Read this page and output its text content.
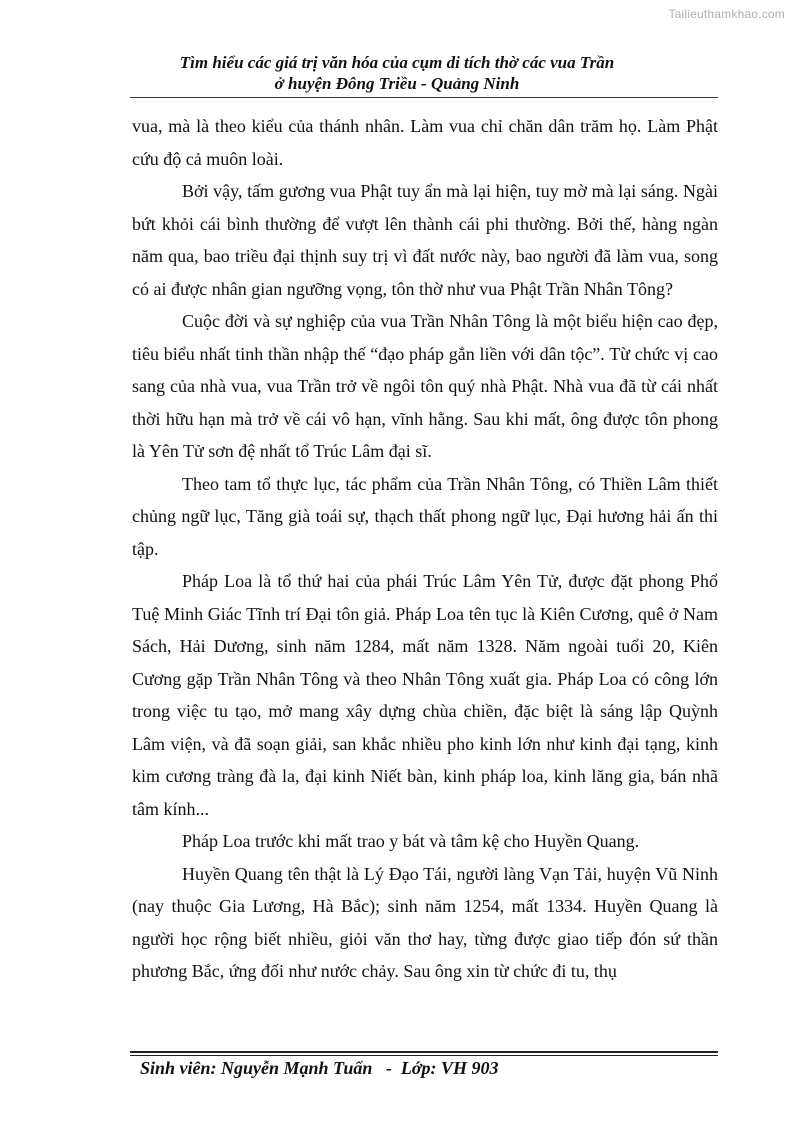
Tailieuthamkhao.com
Tìm hiểu các giá trị văn hóa của cụm di tích thờ các vua Trần
ở huyện Đông Triều - Quảng Ninh

vua, mà là theo kiểu của thánh nhân. Làm vua chỉ chăn dân trăm họ. Làm Phật cứu độ cả muôn loài.

Bởi vậy, tấm gương vua Phật tuy ẩn mà lại hiện, tuy mờ mà lại sáng. Ngài bứt khỏi cái bình thường để vượt lên thành cái phi thường. Bởi thế, hàng ngàn năm qua, bao triều đại thịnh suy trị vì đất nước này, bao người đã làm vua, song có ai được nhân gian ngưỡng vọng, tôn thờ như vua Phật Trần Nhân Tông?

Cuộc đời và sự nghiệp của vua Trần Nhân Tông là một biểu hiện cao đẹp, tiêu biểu nhất tinh thần nhập thế “đạo pháp gắn liền với dân tộc”. Từ chức vị cao sang của nhà vua, vua Trần trở về ngôi tôn quý nhà Phật. Nhà vua đã từ cái nhất thời hữu hạn mà trở về cái vô hạn, vĩnh hằng. Sau khi mất, ông được tôn phong là Yên Tử sơn đệ nhất tổ Trúc Lâm đại sĩ.

Theo tam tổ thực lục, tác phẩm của Trần Nhân Tông, có Thiền Lâm thiết chủng ngữ lục, Tăng già toái sự, thạch thất phong ngữ lục, Đại hương hải ấn thi tập.

Pháp Loa là tổ thứ hai của phái Trúc Lâm Yên Tử, được đặt phong Phổ Tuệ Minh Giác Tĩnh trí Đại tôn giả. Pháp Loa tên tục là Kiên Cương, quê ở Nam Sách, Hải Dương, sinh năm 1284, mất năm 1328. Năm ngoài tuổi 20, Kiên Cương gặp Trần Nhân Tông và theo Nhân Tông xuất gia. Pháp Loa có công lớn trong việc tu tạo, mở mang xây dựng chùa chiền, đặc biệt là sáng lập Quỳnh Lâm viện, và đã soạn giải, san khắc nhiều pho kinh lớn như kinh đại tạng, kinh kim cương tràng đà la, đại kinh Niết bàn, kinh pháp loa, kinh lăng gia, bán nhã tâm kính...

Pháp Loa trước khi mất trao y bát và tâm kệ cho Huyền Quang.

Huyền Quang tên thật là Lý Đạo Tái, người làng Vạn Tải, huyện Vũ Ninh (nay thuộc Gia Lương, Hà Bắc); sinh năm 1254, mất 1334. Huyền Quang là người học rộng biết nhiều, giỏi văn thơ hay, từng được giao tiếp đón sứ thần phương Bắc, ứng đối như nước chảy. Sau ông xin từ chức đi tu, thụ

Sinh viên: Nguyễn Mạnh Tuấn   -  Lớp: VH 903
